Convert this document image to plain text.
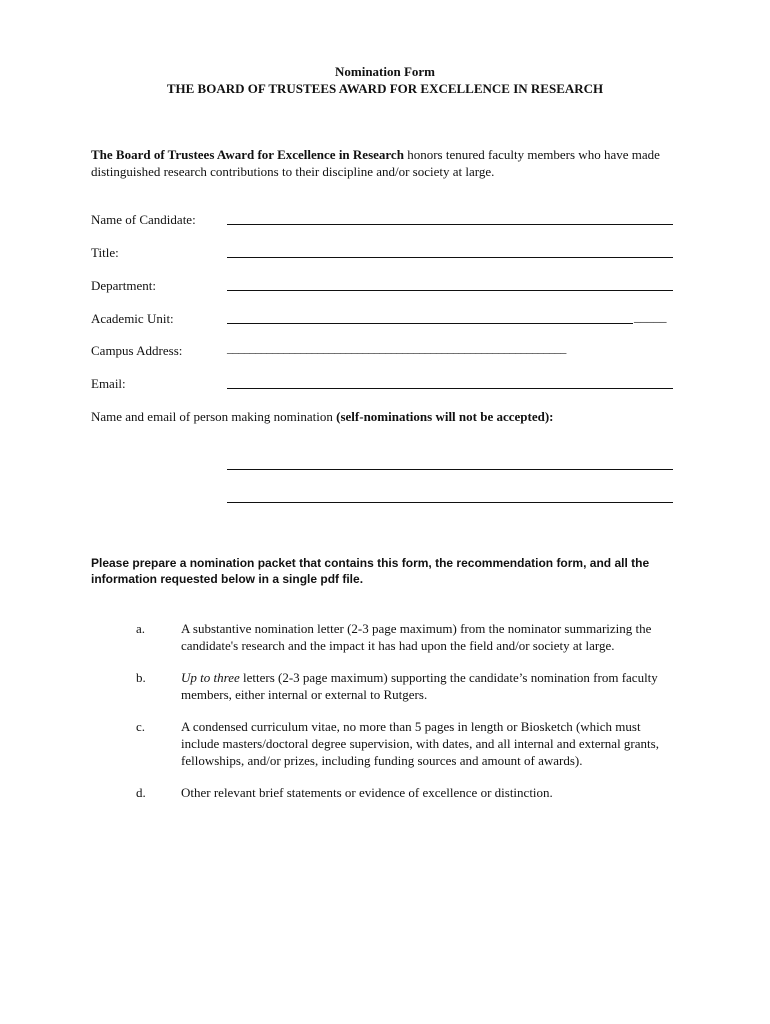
Nomination Form
THE BOARD OF TRUSTEES AWARD FOR EXCELLENCE IN RESEARCH
The Board of Trustees Award for Excellence in Research honors tenured faculty members who have made distinguished research contributions to their discipline and/or society at large.
Name of Candidate:
Title:
Department:
Academic Unit:	_____
Campus Address:	____________________________________________________________
Email:
Name and email of person making nomination (self-nominations will not be accepted):
Please prepare a nomination packet that contains this form, the recommendation form, and all the information requested below in a single pdf file.
a.	A substantive nomination letter (2-3 page maximum) from the nominator summarizing the candidate's research and the impact it has had upon the field and/or society at large.
b.	Up to three letters (2-3 page maximum) supporting the candidate’s nomination from faculty members, either internal or external to Rutgers.
c.	A condensed curriculum vitae, no more than 5 pages in length or Biosketch (which must include masters/doctoral degree supervision, with dates, and all internal and external grants, fellowships, and/or prizes, including funding sources and amount of awards).
d.	Other relevant brief statements or evidence of excellence or distinction.
